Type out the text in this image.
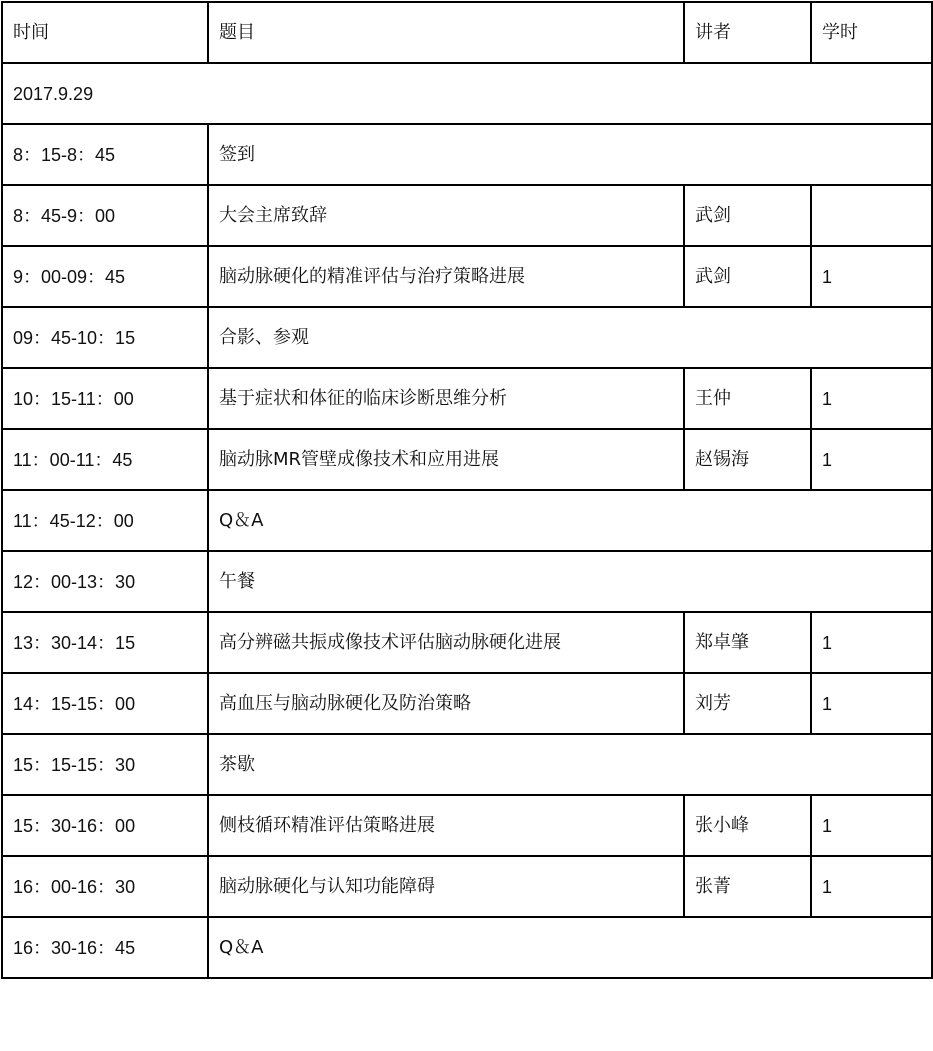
时间	题目	讲者	学时
2017.9.29			
8：15-8：45	签到		
8：45-9：00	大会主席致辞	武剑	
9：00-09：45	脑动脉硬化的精准评估与治疗策略进展	武剑	1
09：45-10：15	合影、参观		
10：15-11：00	基于症状和体征的临床诊断思维分析	王仲	1
11：00-11：45	脑动脉MR管壁成像技术和应用进展	赵锡海	1
11：45-12：00	Q＆A		
12：00-13：30	午餐		
13：30-14：15	高分辨磁共振成像技术评估脑动脉硬化进展	郑卓肇	1
14：15-15：00	高血压与脑动脉硬化及防治策略	刘芳	1
15：15-15：30	茶歇		
15：30-16：00	侧枝循环精准评估策略进展	张小峰	1
16：00-16：30	脑动脉硬化与认知功能障碍	张菁	1
16：30-16：45	Q＆A		
